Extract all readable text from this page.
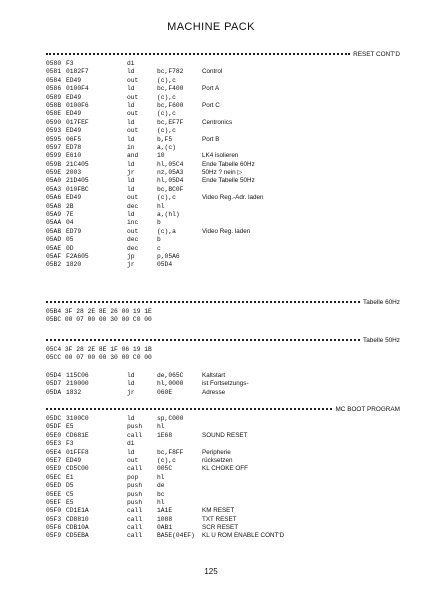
MACHINE PACK
RESET CONT'D
0580 F3	di
0581 0182F7	ld	bc,F782	Control
0584 ED49	out	(c),c
0586 0100F4	ld	bc,F400	Port A
0589 ED49	out	(c),c
058B 0100F6	ld	bc,F600	Port C
058E ED49	out	(c),c
0590 017FEF	ld	bc,EF7F	Centronics
0593 ED49	out	(c),c
0595 06F5	ld	b,F5	Port B
0597 ED78	in	a,(c)
0599 E610	and	10	LK4 isolieren
059B 21C405	ld	hl,05C4	Ende Tabelle 60Hz
059E 2003	jr	nz,05A3	50Hz ? nein ▷
05A0 21D405	ld	hl,05D4	Ende Tabelle 50Hz
05A3 010FBC	ld	bc,BC0F
05A6 ED49	out	(c),c	Video Reg.-Adr. laden
05A8 2B	dec	hl
05A9 7E	ld	a,(hl)
05AA 04	inc	b
05AB ED79	out	(c),a	Video Reg. laden
05AD 05	dec	b
05AE 0D	dec	c
05AF F2A605	jp	p,05A6
05B2 1820	jr	05D4
Tabelle 60Hz
05B4 3F 28 2E 8E 26 00 19 1E
05BC 00 07 00 00 30 00 C0 00
Tabelle 50Hz
05C4 3F 28 2E 8E 1F 06 19 1B
05CC 00 07 00 00 30 00 C0 00
05D4 115C06	ld	de,065C	Kaltstart
05D7 210000	ld	hl,0000	ist Fortsetzungs-
05DA 1832	jr	060E	Adresse
MC BOOT PROGRAM
05DC 3100C0	ld	sp,C000
05DF E5	push hl
05E0 CD681E	call 1E68	SOUND RESET
05E3 F3	di
05E4 01FFF8	ld	bc,F8FF	Peripherie
05E7 ED49	out	(c),c	rücksetzen
05E9 CD5C00	call 005C	KL CHOKE OFF
05EC E1	pop	hl
05ED D5	push de
05EE C5	push bc
05EF E5	push hl
05F0 CD1E1A	call 1A1E	KM RESET
05F3 CD8810	call 1088	TXT RESET
05F6 CDB10A	call 0AB1	SCR RESET
05F9 CD5EBA	call BA5E(04EF) KL U ROM ENABLE CONT'D
125
